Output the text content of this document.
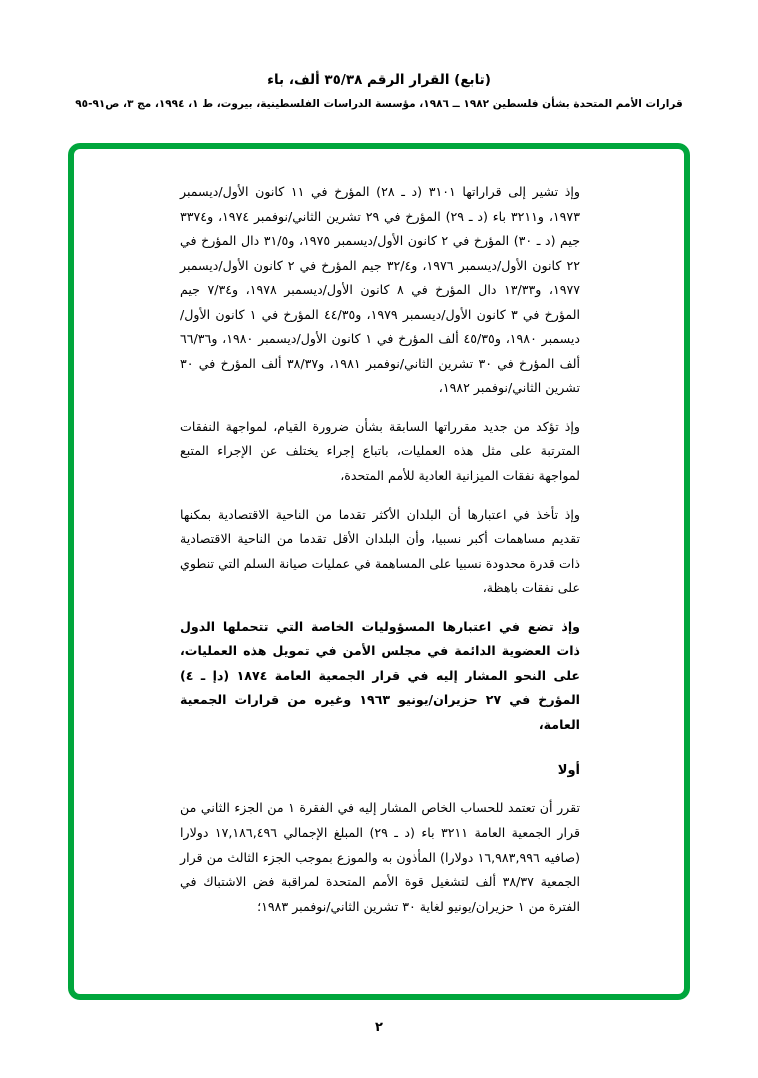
(تابع) القرار الرقم ٣٥/٣٨ ألف، باء
قرارات الأمم المتحدة بشأن فلسطين ١٩٨٢ ــ ١٩٨٦، مؤسسة الدراسات الفلسطينية، بيروت، ط ١، ١٩٩٤، مج ٣، ص٩١-٩٥

وإذ تشير إلى قراراتها ٣١٠١ (د ـ ٢٨) المؤرخ في ١١ كانون الأول/ديسمبر ١٩٧٣، و٣٢١١ باء (د ـ ٢٩) المؤرخ في ٢٩ تشرين الثاني/نوفمبر ١٩٧٤، و٣٣٧٤ جيم (د ـ ٣٠) المؤرخ في ٢ كانون الأول/ديسمبر ١٩٧٥، و٣١/٥ دال المؤرخ في ٢٢ كانون الأول/ديسمبر ١٩٧٦، و٣٢/٤ جيم المؤرخ في ٢ كانون الأول/ديسمبر ١٩٧٧، و١٣/٣٣ دال المؤرخ في ٨ كانون الأول/ديسمبر ١٩٧٨، و٧/٣٤ جيم المؤرخ في ٣ كانون الأول/ديسمبر ١٩٧٩، و٤٤/٣٥ المؤرخ في ١ كانون الأول/ديسمبر ١٩٨٠، و٤٥/٣٥ ألف المؤرخ في ١ كانون الأول/ديسمبر ١٩٨٠، و٦٦/٣٦ ألف المؤرخ في ٣٠ تشرين الثاني/نوفمبر ١٩٨١، و٣٨/٣٧ ألف المؤرخ في ٣٠ تشرين الثاني/نوفمبر ١٩٨٢،

وإذ تؤكد من جديد مقرراتها السابقة بشأن ضرورة القيام، لمواجهة النفقات المترتبة على مثل هذه العمليات، باتباع إجراء يختلف عن الإجراء المتبع لمواجهة نفقات الميزانية العادية للأمم المتحدة،

وإذ تأخذ في اعتبارها أن البلدان الأكثر تقدما من الناحية الاقتصادية بمكنها تقديم مساهمات أكبر نسبيا، وأن البلدان الأقل تقدما من الناحية الاقتصادية ذات قدرة محدودة نسبيا على المساهمة في عمليات صيانة السلم التي تنطوي على نفقات باهظة،

وإذ تضع في اعتبارها المسؤوليات الخاصة التي تتحملها الدول ذات العضوية الدائمة في مجلس الأمن في تمويل هذه العمليات، على النحو المشار إليه في قرار الجمعية العامة ١٨٧٤ (دإ ـ ٤) المؤرخ في ٢٧ حزيران/يونيو ١٩٦٣ وغيره من قرارات الجمعية العامة،

أولا

تقرر أن تعتمد للحساب الخاص المشار إليه في الفقرة ١ من الجزء الثاني من قرار الجمعية العامة ٣٢١١ باء (د ـ ٢٩) المبلغ الإجمالي ١٧,١٨٦,٤٩٦ دولارا (صافيه ١٦,٩٨٣,٩٩٦ دولارا) المأذون به والموزع بموجب الجزء الثالث من قرار الجمعية ٣٨/٣٧ ألف لتشغيل قوة الأمم المتحدة لمراقبة فض الاشتباك في الفترة من ١ حزيران/يونيو لغاية ٣٠ تشرين الثاني/نوفمبر ١٩٨٣؛

٢
